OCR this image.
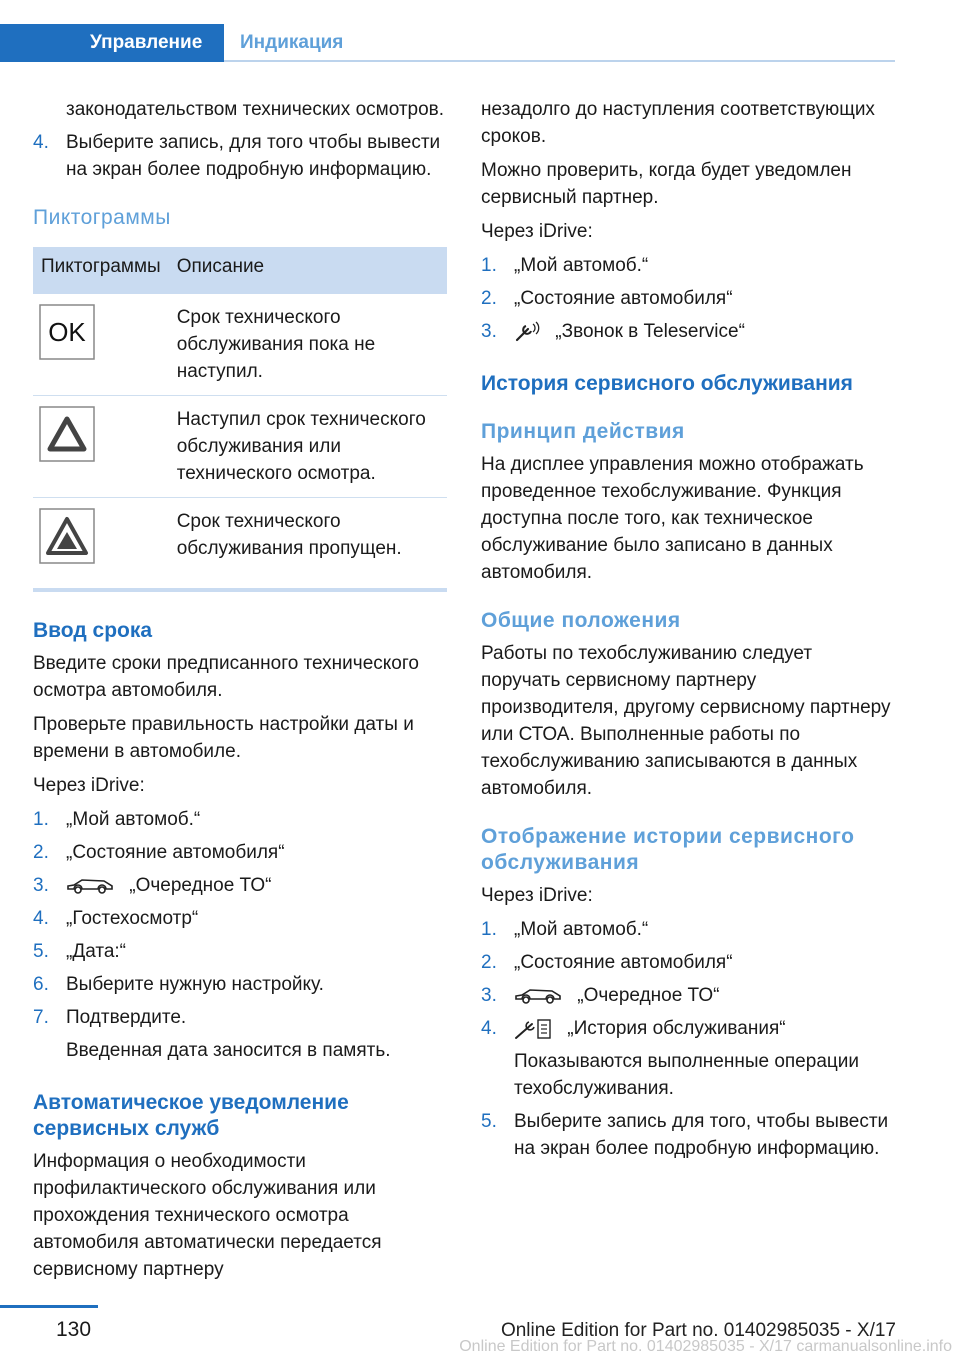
Управление	Индикация
законодательством технических осмотров.
4. Выберите запись, для того чтобы вывести на экран более подробную информацию.
Пиктограммы
Пиктограммы	Описание

OK	Срок технического обслуживания пока не наступил.
	Наступил срок технического обслуживания или технического осмотра.
	Срок технического обслуживания пропущен.
Ввод срока

Введите сроки предписанного технического осмотра автомобиля.

Проверьте правильность настройки даты и времени в автомобиле.

Через iDrive:

1. „Мой автомоб.“
2. „Состояние автомобиля“
3.	„Очередное ТО“
4. „Гостехосмотр“
5. „Дата:“
6. Выберите нужную настройку.
7. Подтвердите.
Введенная дата заносится в память.
Автоматическое уведомление сервисных служб

Информация о необходимости профилактического обслуживания или прохождения технического осмотра автомобиля автоматически передается сервисному партнеру

незадолго до наступления соответствующих сроков.

Можно проверить, когда будет уведомлен сервисный партнер.

Через iDrive:

1. „Мой автомоб.“
2. „Состояние автомобиля“
3.	„Звонок в Teleservice“
История сервисного обслуживания
Принцип действия

На дисплее управления можно отображать проведенное техобслуживание. Функция доступна после того, как техническое обслуживание было записано в данных автомобиля.

Общие положения

Работы по техобслуживанию следует поручать сервисному партнеру производителя, другому сервисному партнеру или СТОА. Выполненные работы по техобслуживанию записываются в данных автомобиля.

Отображение истории сервисного обслуживания

Через iDrive:

1. „Мой автомоб.“
2. „Состояние автомобиля“
3.	„Очередное ТО“
4.	„История обслуживания“
Показываются выполненные операции техобслуживания.
5. Выберите запись для того, чтобы вывести на экран более подробную информацию.
130	Online Edition for Part no. 01402985035 - X/17
Online Edition for Part no. 01402985035 - X/17 carmanualsonline.info
